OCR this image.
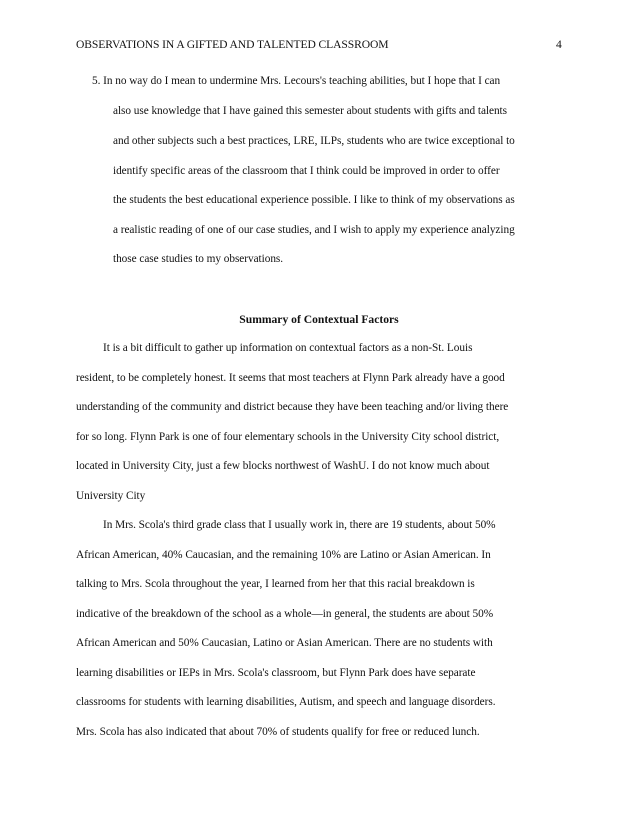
OBSERVATIONS IN A GIFTED AND TALENTED CLASSROOM	4
5. In no way do I mean to undermine Mrs. Lecours's teaching abilities, but I hope that I can
also use knowledge that I have gained this semester about students with gifts and talents
and other subjects such a best practices, LRE, ILPs, students who are twice exceptional to
identify specific areas of the classroom that I think could be improved in order to offer
the students the best educational experience possible. I like to think of my observations as
a realistic reading of one of our case studies, and I wish to apply my experience analyzing
those case studies to my observations.
Summary of Contextual Factors
It is a bit difficult to gather up information on contextual factors as a non-St. Louis
resident, to be completely honest. It seems that most teachers at Flynn Park already have a good
understanding of the community and district because they have been teaching and/or living there
for so long. Flynn Park is one of four elementary schools in the University City school district,
located in University City, just a few blocks northwest of WashU. I do not know much about
University City
In Mrs. Scola's third grade class that I usually work in, there are 19 students, about 50%
African American, 40% Caucasian, and the remaining 10% are Latino or Asian American. In
talking to Mrs. Scola throughout the year, I learned from her that this racial breakdown is
indicative of the breakdown of the school as a whole—in general, the students are about 50%
African American and 50% Caucasian, Latino or Asian American. There are no students with
learning disabilities or IEPs in Mrs. Scola's classroom, but Flynn Park does have separate
classrooms for students with learning disabilities, Autism, and speech and language disorders.
Mrs. Scola has also indicated that about 70% of students qualify for free or reduced lunch.
